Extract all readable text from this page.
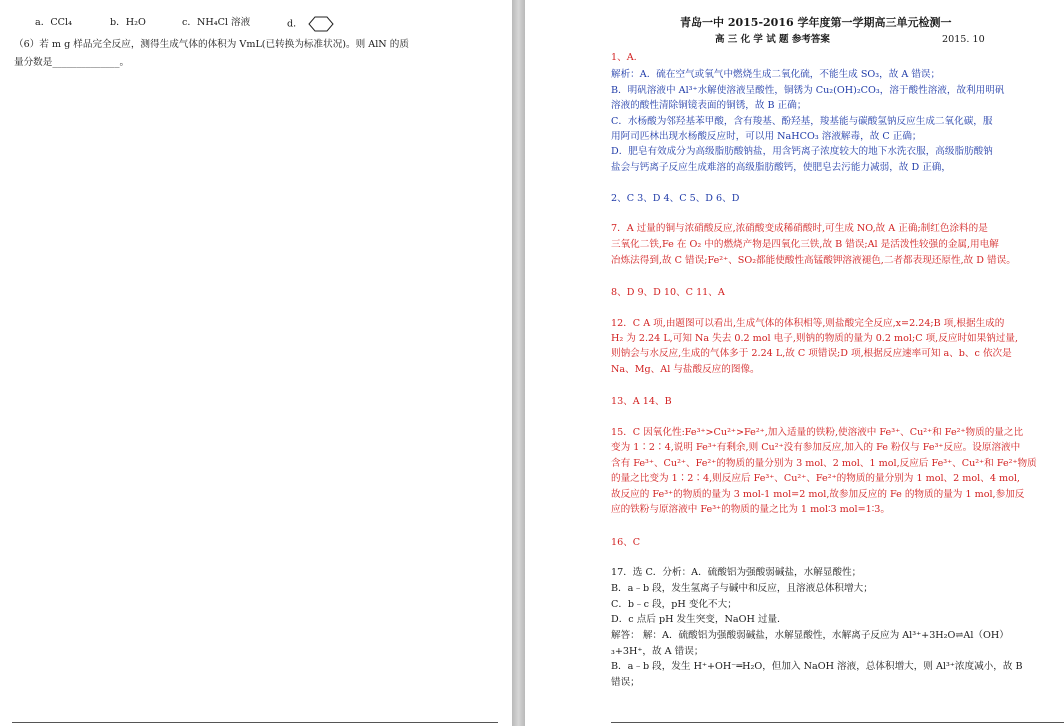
a．CCl₄	b．H₂O	c．NH₄Cl 溶液	d．
（6）若 m g 样品完全反应，测得生成气体的体积为 VmL(已转换为标准状况)。则 AlN 的质
量分数是______________。
青岛一中 2015-2016 学年度第一学期高三单元检测一
高 三 化 学 试 题 参考答案	2015. 10
1、A.
解析：A．硫在空气或氧气中燃烧生成二氧化硫，不能生成 SO₃，故 A 错误；
B．明矾溶液中 Al³⁺水解使溶液呈酸性，铜锈为 Cu₂(OH)₂CO₃，溶于酸性溶液，故利用明矾
溶液的酸性清除铜镜表面的铜锈，故 B 正确；
C．水杨酸为邻羟基苯甲酸，含有羧基、酚羟基，羧基能与碳酸氢钠反应生成二氧化碳，服
用阿司匹林出现水杨酸反应时，可以用 NaHCO₃ 溶液解毒，故 C 正确；
D．肥皂有效成分为高级脂肪酸钠盐，用含钙离子浓度较大的地下水洗衣服，高级脂肪酸钠
盐会与钙离子反应生成难溶的高级脂肪酸钙，使肥皂去污能力减弱，故 D 正确，
2、C 3、D 4、C 5、D 6、D
7．A 过量的铜与浓硝酸反应,浓硝酸变成稀硝酸时,可生成 NO,故 A 正确;制红色涂料的是
三氧化二铁,Fe 在 O₂ 中的燃烧产物是四氧化三铁,故 B 错误;Al 是活泼性较强的金属,用电解
冶炼法得到,故 C 错误;Fe²⁺、SO₂都能使酸性高锰酸钾溶液褪色,二者都表现还原性,故 D 错误。
8、D 9、D 10、C 11、A
12．C A 项,由题图可以看出,生成气体的体积相等,则盐酸完全反应,x=2.24;B 项,根据生成的
H₂ 为 2.24 L,可知 Na 失去 0.2 mol 电子,则钠的物质的量为 0.2 mol;C 项,反应时如果钠过量,
则钠会与水反应,生成的气体多于 2.24 L,故 C 项错误;D 项,根据反应速率可知 a、b、c 依次是
Na、Mg、Al 与盐酸反应的图像。
13、A 14、B
15．C 因氧化性:Fe³⁺>Cu²⁺>Fe²⁺,加入适量的铁粉,使溶液中 Fe³⁺、Cu²⁺和 Fe²⁺物质的量之比
变为 1∶2∶4,说明 Fe³⁺有剩余,则 Cu²⁺没有参加反应,加入的 Fe 粉仅与 Fe³⁺反应。设原溶液中
含有 Fe³⁺、Cu²⁺、Fe²⁺的物质的量分别为 3 mol、2 mol、1 mol,反应后 Fe³⁺、Cu²⁺和 Fe²⁺物质
的量之比变为 1∶2∶4,则反应后 Fe³⁺、Cu²⁺、Fe²⁺的物质的量分别为 1 mol、2 mol、4 mol,
故反应的 Fe³⁺的物质的量为 3 mol-1 mol=2 mol,故参加反应的 Fe 的物质的量为 1 mol,参加反
应的铁粉与原溶液中 Fe³⁺的物质的量之比为 1 mol∶3 mol=1∶3。
16、C
17．选 C．分析：A．硫酸铝为强酸弱碱盐，水解显酸性；
B．a﹣b 段，发生氢离子与碱中和反应，且溶液总体积增大；
C．b﹣c 段，pH 变化不大；
D．c 点后 pH 发生突变，NaOH 过量．
解答： 解：A．硫酸铝为强酸弱碱盐，水解显酸性，水解离子反应为 Al³⁺+3H₂O⇌Al（OH）
₃+3H⁺，故 A 错误；
B．a﹣b 段，发生 H⁺+OH⁻═H₂O，但加入 NaOH 溶液，总体积增大，则 Al³⁺浓度减小，故 B
错误；
